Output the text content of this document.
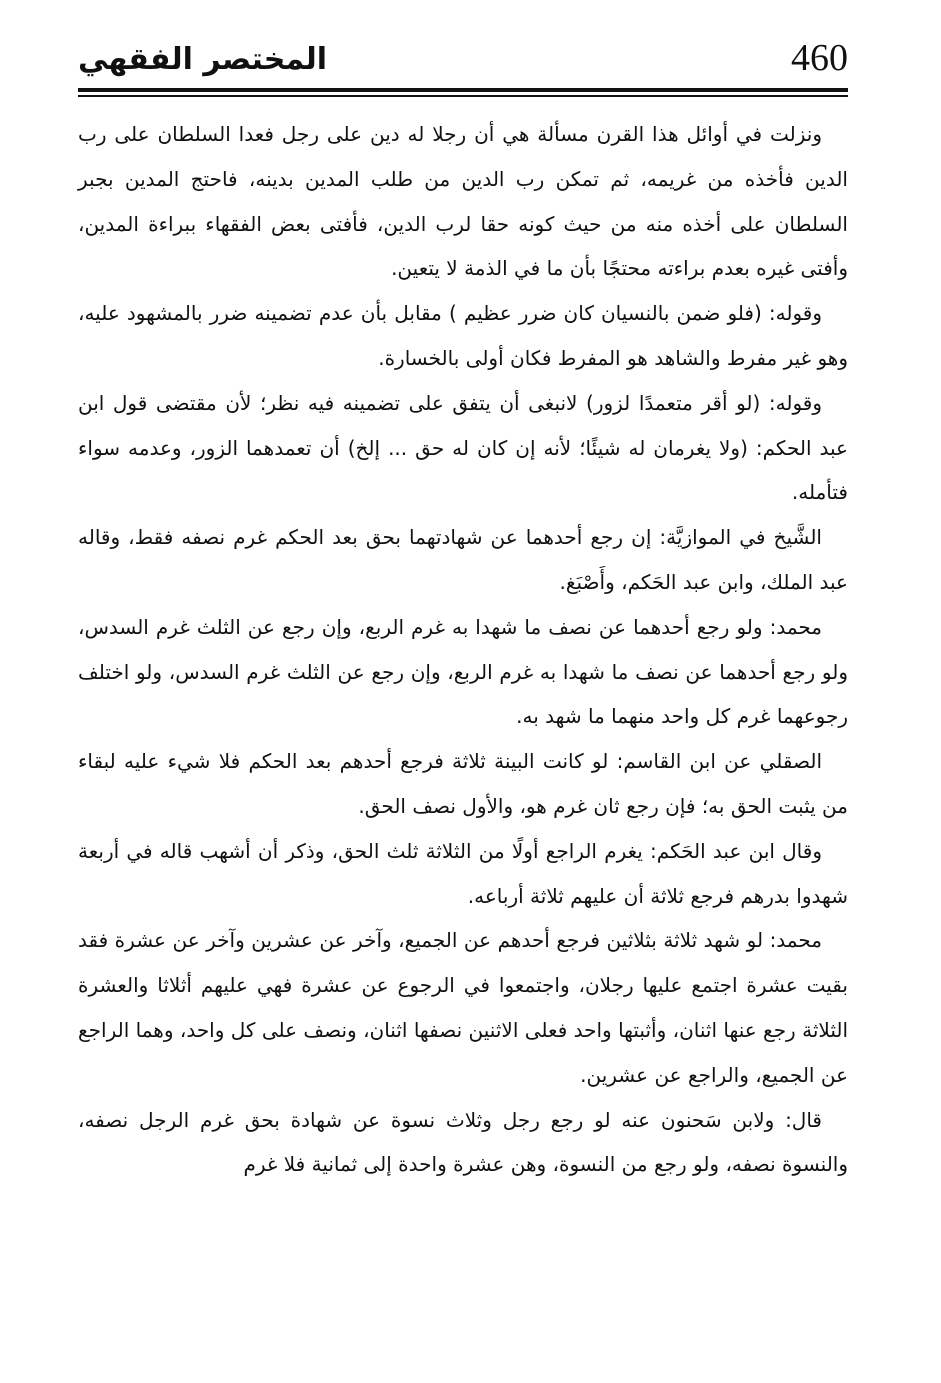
المختصر الفقهي	460

ونزلت في أوائل هذا القرن مسألة هي أن رجلا له دين على رجل فعدا السلطان على رب الدين فأخذه من غريمه، ثم تمكن رب الدين من طلب المدين بدينه، فاحتج المدين بجبر السلطان على أخذه منه من حيث كونه حقا لرب الدين، فأفتى بعض الفقهاء ببراءة المدين، وأفتى غيره بعدم براءته محتجًا بأن ما في الذمة لا يتعين.

وقوله: (فلو ضمن بالنسيان كان ضرر عظيم ) مقابل بأن عدم تضمينه ضرر بالمشهود عليه، وهو غير مفرط والشاهد هو المفرط فكان أولى بالخسارة.

وقوله: (لو أقر متعمدًا لزور) لانبغى أن يتفق على تضمينه فيه نظر؛ لأن مقتضى قول ابن عبد الحكم: (ولا يغرمان له شيئًا؛ لأنه إن كان له حق ... إلخ) أن تعمدهما الزور، وعدمه سواء فتأمله.

الشَّيخ في الموازيَّة: إن رجع أحدهما عن شهادتهما بحق بعد الحكم غرم نصفه فقط، وقاله عبد الملك، وابن عبد الحَكم، وأَصْبَغ.

محمد: ولو رجع أحدهما عن نصف ما شهدا به غرم الربع، وإن رجع عن الثلث غرم السدس، ولو رجع أحدهما عن نصف ما شهدا به غرم الربع، وإن رجع عن الثلث غرم السدس، ولو اختلف رجوعهما غرم كل واحد منهما ما شهد به.

الصقلي عن ابن القاسم: لو كانت البينة ثلاثة فرجع أحدهم بعد الحكم فلا شيء عليه لبقاء من يثبت الحق به؛ فإن رجع ثان غرم هو، والأول نصف الحق.

وقال ابن عبد الحَكم: يغرم الراجع أولًا من الثلاثة ثلث الحق، وذكر أن أشهب قاله في أربعة شهدوا بدرهم فرجع ثلاثة أن عليهم ثلاثة أرباعه.

محمد: لو شهد ثلاثة بثلاثين فرجع أحدهم عن الجميع، وآخر عن عشرين وآخر عن عشرة فقد بقيت عشرة اجتمع عليها رجلان، واجتمعوا في الرجوع عن عشرة فهي عليهم أثلاثا والعشرة الثلاثة رجع عنها اثنان، وأثبتها واحد فعلى الاثنين نصفها اثنان، ونصف على كل واحد، وهما الراجع عن الجميع، والراجع عن عشرين.

قال: ولابن سَحنون عنه لو رجع رجل وثلاث نسوة عن شهادة بحق غرم الرجل نصفه، والنسوة نصفه، ولو رجع من النسوة، وهن عشرة واحدة إلى ثمانية فلا غرم
